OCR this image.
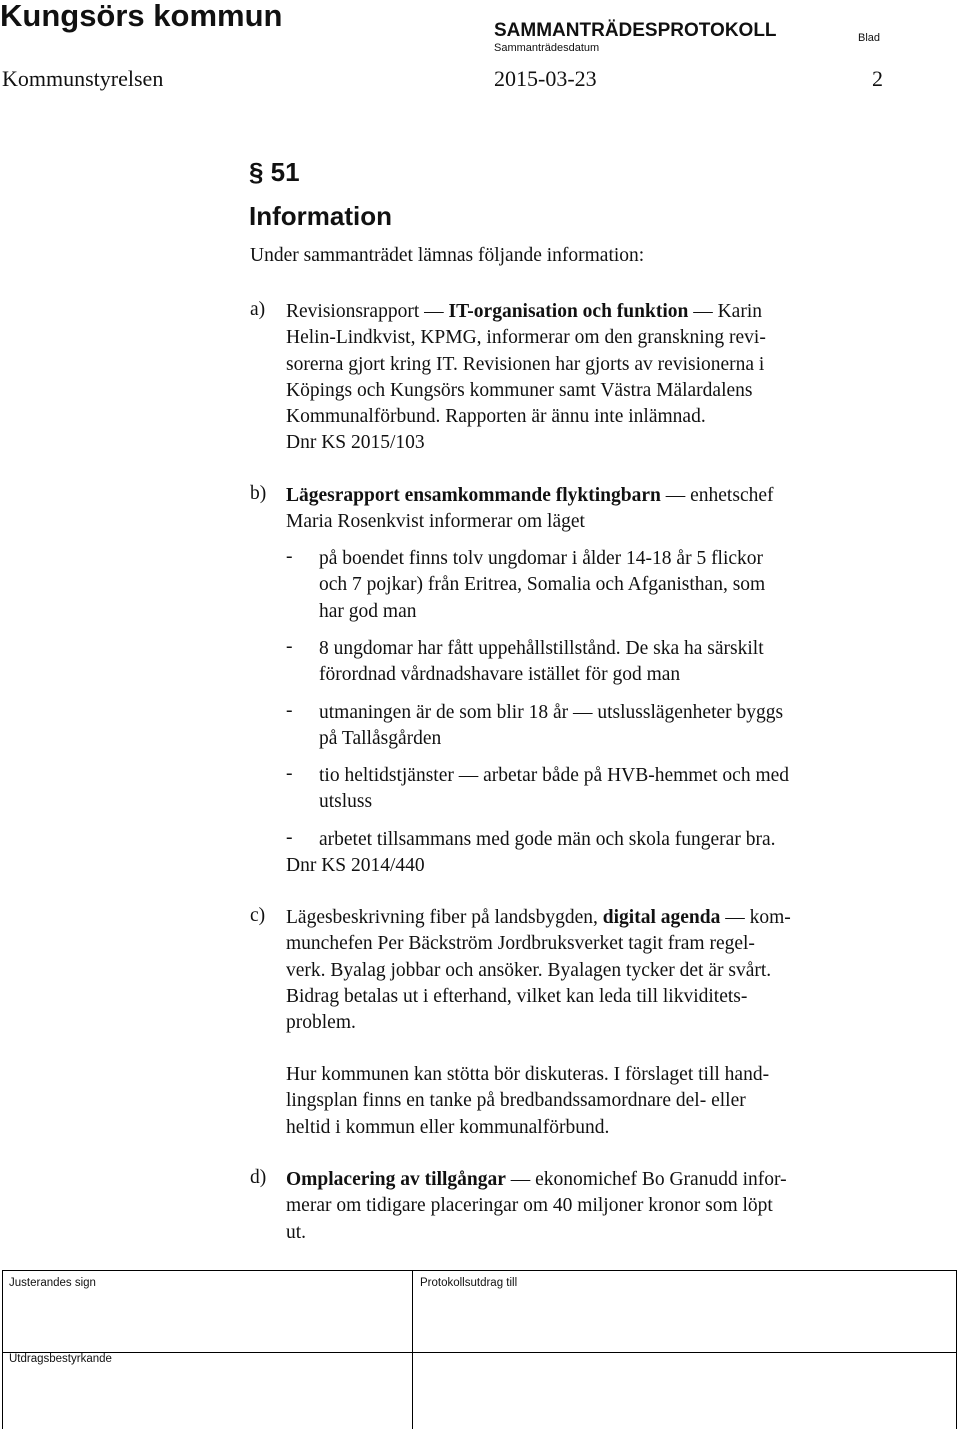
Kungsörs kommun	SAMMANTRÄDESPROTOKOLL
Sammanträdesdatum
Blad
Kommunstyrelsen	2015-03-23	2
§ 51
Information
Under sammanträdet lämnas följande information:
a) Revisionsrapport — IT-organisation och funktion — Karin

Helin-Lindkvist, KPMG, informerar om den granskning revi-

sorerna gjort kring IT. Revisionen har gjorts av revisionerna i

Köpings och Kungsörs kommuner samt Västra Mälardalens

Kommunalförbund. Rapporten är ännu inte inlämnad.

Dnr KS 2015/103

b) Lägesrapport ensamkommande flyktingbarn — enhetschef

Maria Rosenkvist informerar om läget

- på boendet finns tolv ungdomar i ålder 14-18 år 5 flickor

och 7 pojkar) från Eritrea, Somalia och Afganisthan, som

har god man

- 8 ungdomar har fått uppehållstillstånd. De ska ha särskilt

förordnad vårdnadshavare istället för god man

- utmaningen är de som blir 18 år — utslusslägenheter byggs

på Tallåsgården

- tio heltidstjänster — arbetar både på HVB-hemmet och med

utsluss

- arbetet tillsammans med gode män och skola fungerar bra.

Dnr KS 2014/440

c) Lägesbeskrivning fiber på landsbygden, digital agenda — kom-

munchefen Per Bäckström Jordbruksverket tagit fram regel-

verk. Byalag jobbar och ansöker. Byalagen tycker det är svårt.

Bidrag betalas ut i efterhand, vilket kan leda till likviditets-

problem.

Hur kommunen kan stötta bör diskuteras. I förslaget till hand-

lingsplan finns en tanke på bredbandssamordnare del- eller

heltid i kommun eller kommunalförbund.

d) Omplacering av tillgångar — ekonomichef Bo Granudd infor-

merar om tidigare placeringar om 40 miljoner kronor som löpt

ut.

Justerandes sign	Protokollsutdrag till
Utdragsbestyrkande
